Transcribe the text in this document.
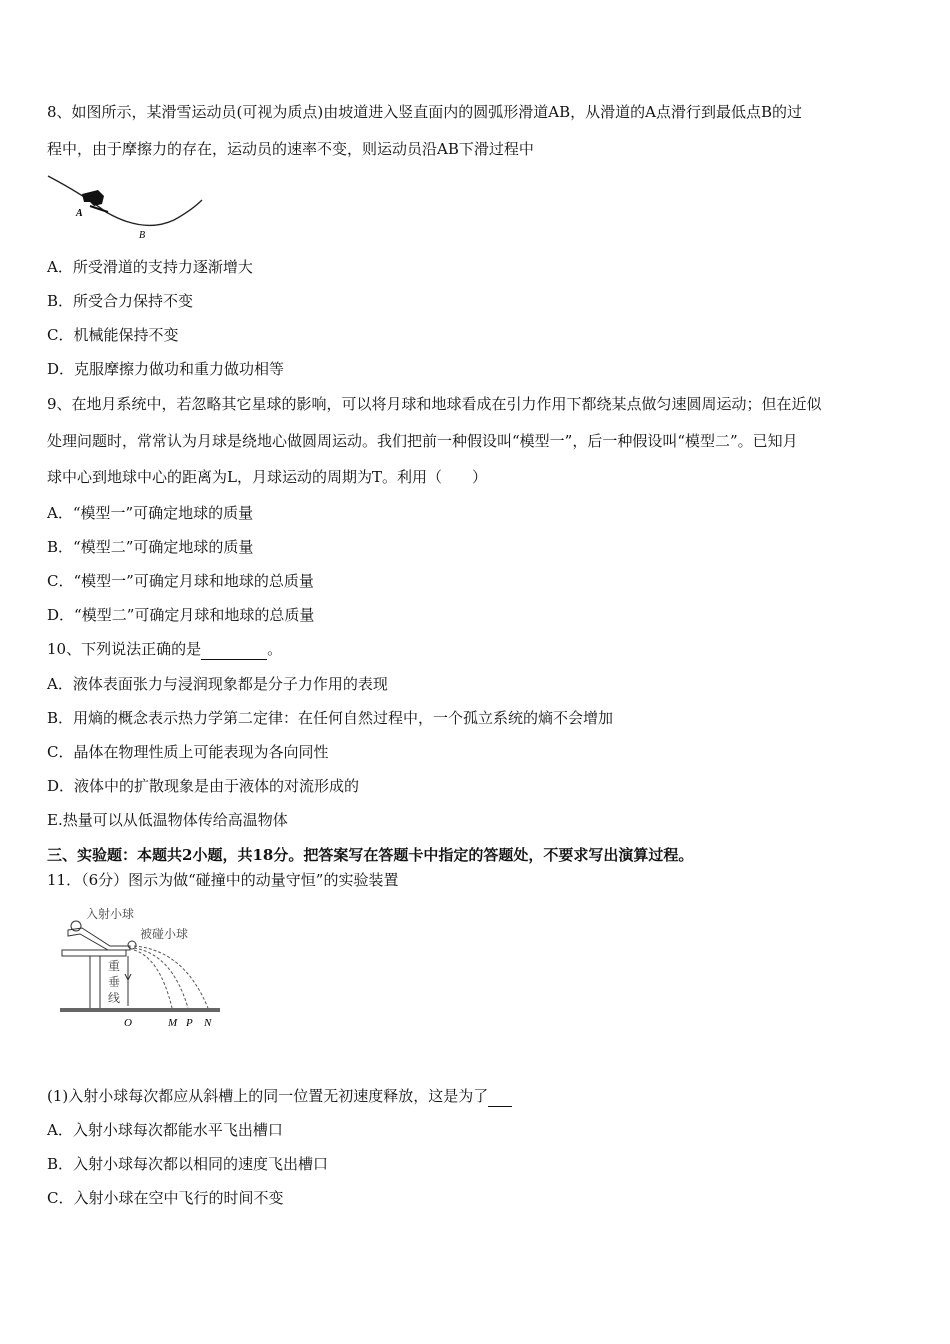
8、如图所示，某滑雪运动员(可视为质点)由坡道进入竖直面内的圆弧形滑道AB，从滑道的A点滑行到最低点B的过
程中，由于摩擦力的存在，运动员的速率不变，则运动员沿AB下滑过程中
A
B
A．所受滑道的支持力逐渐增大
B．所受合力保持不变
C．机械能保持不变
D．克服摩擦力做功和重力做功相等
9、在地月系统中，若忽略其它星球的影响，可以将月球和地球看成在引力作用下都绕某点做匀速圆周运动；但在近似
处理问题时，常常认为月球是绕地心做圆周运动。我们把前一种假设叫“模型一”，后一种假设叫“模型二”。已知月
球中心到地球中心的距离为L，月球运动的周期为T。利用（　　）
A．“模型一”可确定地球的质量
B．“模型二”可确定地球的质量
C．“模型一”可确定月球和地球的总质量
D．“模型二”可确定月球和地球的总质量
10、下列说法正确的是	。
A．液体表面张力与浸润现象都是分子力作用的表现
B．用熵的概念表示热力学第二定律：在任何自然过程中，一个孤立系统的熵不会增加
C．晶体在物理性质上可能表现为各向同性
D．液体中的扩散现象是由于液体的对流形成的
E.热量可以从低温物体传给高温物体
三、实验题：本题共2小题，共18分。把答案写在答题卡中指定的答题处，不要求写出演算过程。
11．（6分）图示为做“碰撞中的动量守恒”的实验装置
入射小球
被碰小球
重
垂
线
O	M P N
(1)入射小球每次都应从斜槽上的同一位置无初速度释放，这是为了
A．入射小球每次都能水平飞出槽口
B．入射小球每次都以相同的速度飞出槽口
C．入射小球在空中飞行的时间不变
